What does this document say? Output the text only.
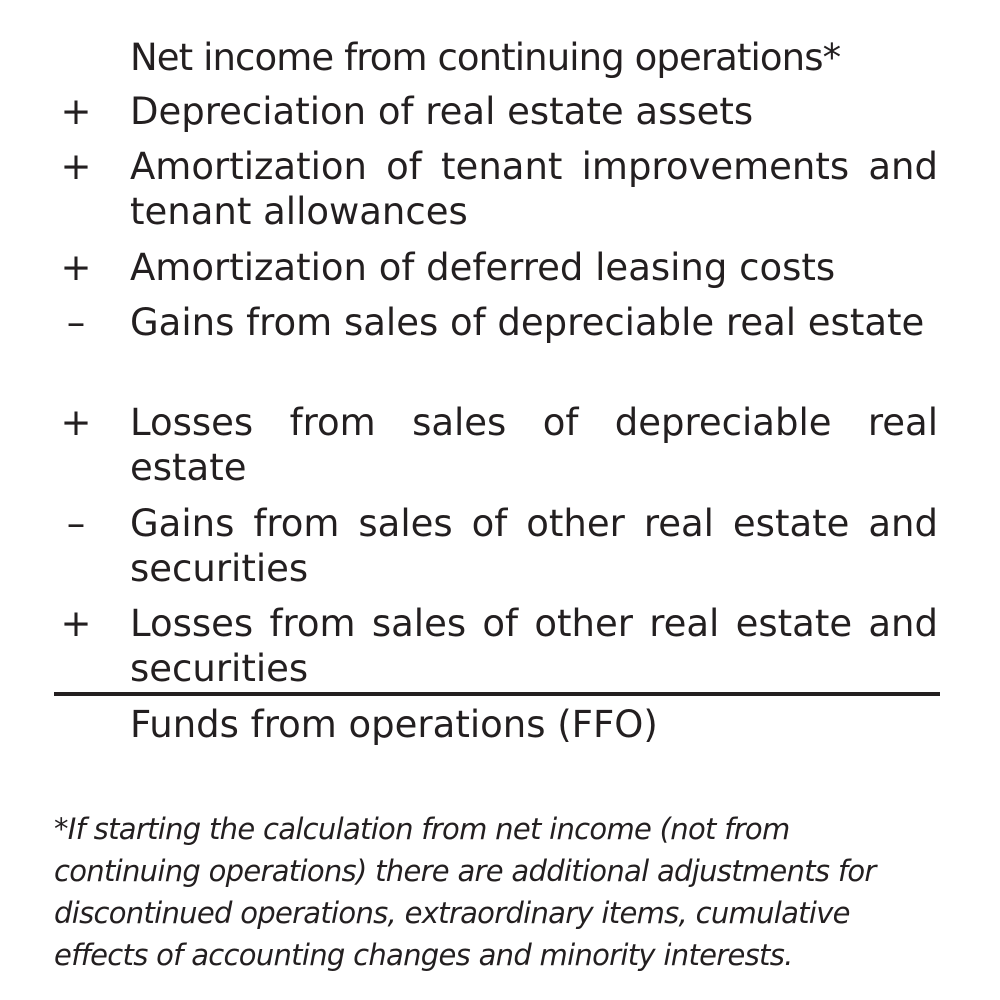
Net income from continuing operations*
+ Depreciation of real estate assets
+ Amortization of tenant improvements and tenant allowances
+ Amortization of deferred leasing costs
– Gains from sales of depreciable real estate
+ Losses from sales of depreciable real estate
– Gains from sales of other real estate and securities
+ Losses from sales of other real estate and securities
Funds from operations (FFO)
*If starting the calculation from net income (not from
continuing operations) there are additional adjustments for
discontinued operations, extraordinary items, cumulative
effects of accounting changes and minority interests.
